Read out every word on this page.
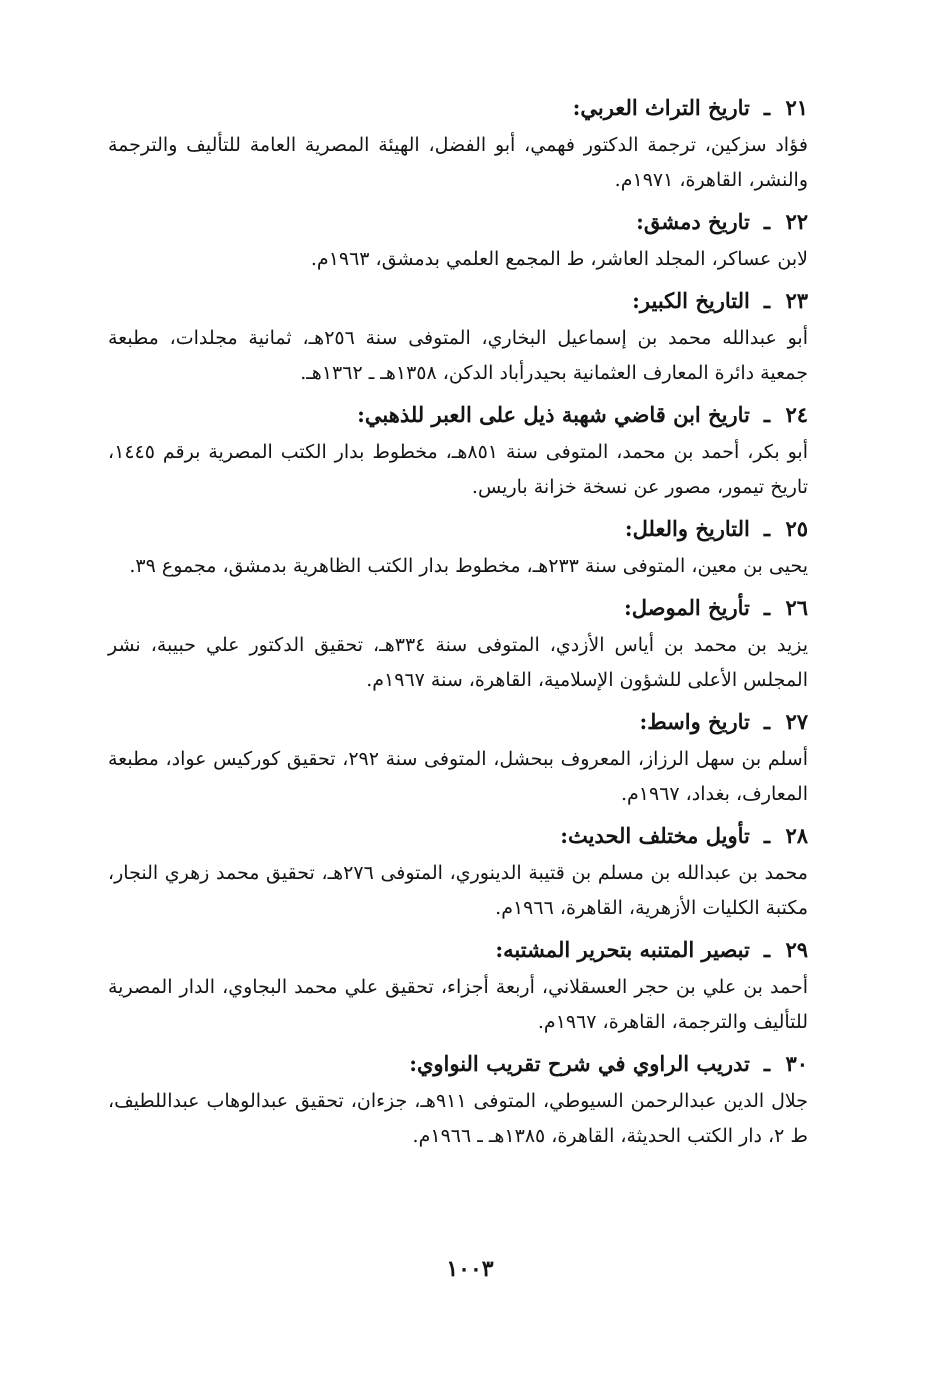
٢١
ـ
تاريخ التراث العربي:
فؤاد سزكين، ترجمة الدكتور فهمي، أبو الفضل، الهيئة المصرية العامة للتأليف والترجمة والنشر، القاهرة، ١٩٧١م.
٢٢
ـ
تاريخ دمشق:
لابن عساكر، المجلد العاشر، ط المجمع العلمي بدمشق، ١٩٦٣م.
٢٣
ـ
التاريخ الكبير:
أبو عبدالله محمد بن إسماعيل البخاري، المتوفى سنة ٢٥٦هـ، ثمانية مجلدات، مطبعة جمعية دائرة المعارف العثمانية بحيدرأباد الدكن، ١٣٥٨هـ ـ ١٣٦٢هـ.
٢٤
ـ
تاريخ ابن قاضي شهبة ذيل على العبر للذهبي:
أبو بكر، أحمد بن محمد، المتوفى سنة ٨٥١هـ، مخطوط بدار الكتب المصرية برقم ١٤٤٥، تاريخ تيمور، مصور عن نسخة خزانة باريس.
٢٥
ـ
التاريخ والعلل:
يحيى بن معين، المتوفى سنة ٢٣٣هـ، مخطوط بدار الكتب الظاهرية بدمشق، مجموع ٣٩.
٢٦
ـ
تأريخ الموصل:
يزيد بن محمد بن أياس الأزدي، المتوفى سنة ٣٣٤هـ، تحقيق الدكتور علي حبيبة، نشر المجلس الأعلى للشؤون الإسلامية، القاهرة، سنة ١٩٦٧م.
٢٧
ـ
تاريخ واسط:
أسلم بن سهل الرزاز، المعروف ببحشل، المتوفى سنة ٢٩٢، تحقيق كوركيس عواد، مطبعة المعارف، بغداد، ١٩٦٧م.
٢٨
ـ
تأويل مختلف الحديث:
محمد بن عبدالله بن مسلم بن قتيبة الدينوري، المتوفى ٢٧٦هـ، تحقيق محمد زهري النجار، مكتبة الكليات الأزهرية، القاهرة، ١٩٦٦م.
٢٩
ـ
تبصير المتنبه بتحرير المشتبه:
أحمد بن علي بن حجر العسقلاني، أربعة أجزاء، تحقيق علي محمد البجاوي، الدار المصرية للتأليف والترجمة، القاهرة، ١٩٦٧م.
٣٠
ـ
تدريب الراوي في شرح تقريب النواوي:
جلال الدين عبدالرحمن السيوطي، المتوفى ٩١١هـ، جزءان، تحقيق عبدالوهاب عبداللطيف، ط ٢، دار الكتب الحديثة، القاهرة، ١٣٨٥هـ ـ ١٩٦٦م.
١٠٠٣
